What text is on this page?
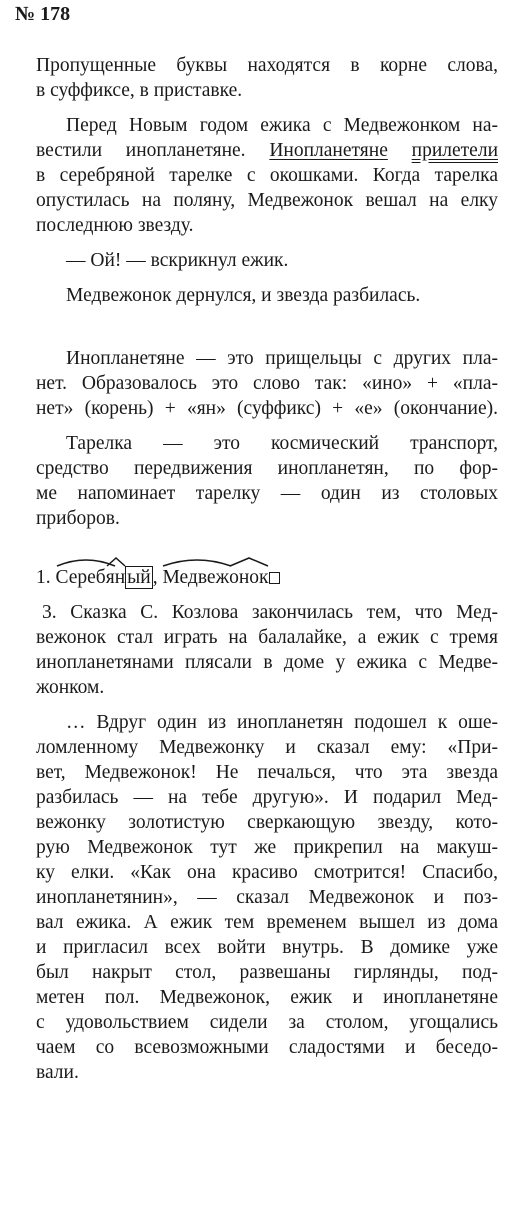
№ 178
Пропущенные буквы находятся в корне слова,
в суффиксе, в приставке.
Перед Новым годом ежика с Медвежонком на-
вестили инопланетяне. Инопланетяне прилетели
в серебряной тарелке с окошками. Когда тарелка
опустилась на поляну, Медвежонок вешал на елку
последнюю звезду.
— Ой! — вскрикнул ежик.
Медвежонок дернулся, и звезда разбилась.
Инопланетяне — это прищельцы с других пла-
нет. Образовалось это слово так: «ино» + «пла-
нет» (корень) + «ян» (суффикс) + «е» (окончание).
Тарелка — это космический транспорт,
средство передвижения инопланетян, по фор-
ме напоминает тарелку — один из столовых
приборов.
1. Сереб
ян ый , Медвеж
онок
3. Сказка С. Козлова закончилась тем, что Мед-
вежонок стал играть на балалайке, а ежик с тремя
инопланетянами плясали в доме у ежика с Медве-
жонком.
… Вдруг один из инопланетян подошел к оше-
ломленному Медвежонку и сказал ему: «При-
вет, Медвежонок! Не печалься, что эта звезда
разбилась — на тебе другую». И подарил Мед-
вежонку золотистую сверкающую звезду, кото-
рую Медвежонок тут же прикрепил на макуш-
ку елки. «Как она красиво смотрится! Спасибо,
инопланетянин», — сказал Медвежонок и поз-
вал ежика. А ежик тем временем вышел из дома
и пригласил всех войти внутрь. В домике уже
был накрыт стол, развешаны гирлянды, под-
метен пол. Медвежонок, ежик и инопланетяне
с удовольствием сидели за столом, угощались
чаем со всевозможными сладостями и беседо-
вали.
